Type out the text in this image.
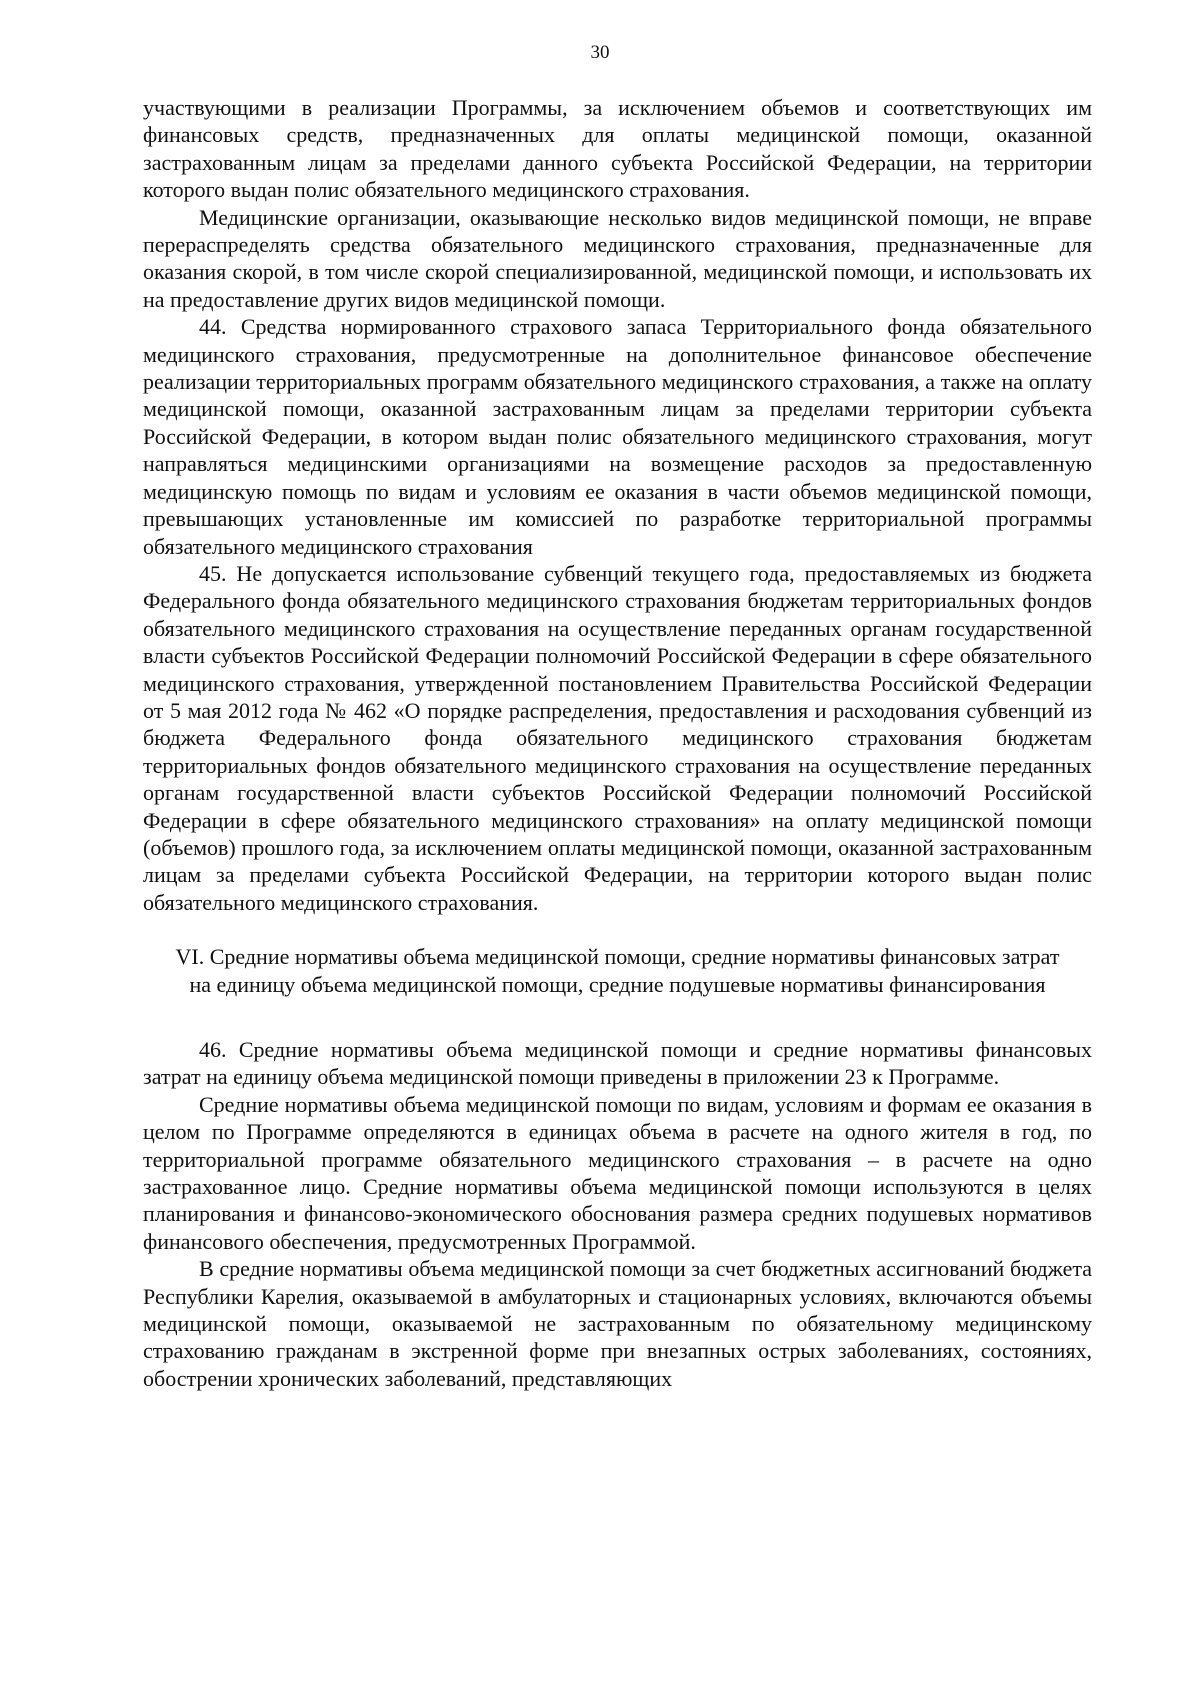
30

участвующими в реализации Программы, за исключением объемов и соответствующих им финансовых средств, предназначенных для оплаты медицинской помощи, оказанной застрахованным лицам за пределами данного субъекта Российской Федерации, на территории которого выдан полис обязательного медицинского страхования.

Медицинские организации, оказывающие несколько видов медицинской помощи, не вправе перераспределять средства обязательного медицинского страхования, предназначенные для оказания скорой, в том числе скорой специализированной, медицинской помощи, и использовать их на предоставление других видов медицинской помощи.

44. Средства нормированного страхового запаса Территориального фонда обязательного медицинского страхования, предусмотренные на дополнительное финансовое обеспечение реализации территориальных программ обязательного медицинского страхования, а также на оплату медицинской помощи, оказанной застрахованным лицам за пределами территории субъекта Российской Федерации, в котором выдан полис обязательного медицинского страхования, могут направляться медицинскими организациями на возмещение расходов за предоставленную медицинскую помощь по видам и условиям ее оказания в части объемов медицинской помощи, превышающих установленные им комиссией по разработке территориальной программы обязательного медицинского страхования

45. Не допускается использование субвенций текущего года, предоставляемых из бюджета Федерального фонда обязательного медицинского страхования бюджетам территориальных фондов обязательного медицинского страхования на осуществление переданных органам государственной власти субъектов Российской Федерации полномочий Российской Федерации в сфере обязательного медицинского страхования, утвержденной постановлением Правительства Российской Федерации от 5 мая 2012 года № 462 «О порядке распределения, предоставления и расходования субвенций из бюджета Федерального фонда обязательного медицинского страхования бюджетам территориальных фондов обязательного медицинского страхования на осуществление переданных органам государственной власти субъектов Российской Федерации полномочий Российской Федерации в сфере обязательного медицинского страхования» на оплату медицинской помощи (объемов) прошлого года, за исключением оплаты медицинской помощи, оказанной застрахованным лицам за пределами субъекта Российской Федерации, на территории которого выдан полис обязательного медицинского страхования.

VI. Средние нормативы объема медицинской помощи, средние нормативы финансовых затрат на единицу объема медицинской помощи, средние подушевые нормативы финансирования

46. Средние нормативы объема медицинской помощи и средние нормативы финансовых затрат на единицу объема медицинской помощи приведены в приложении 23 к Программе.

Средние нормативы объема медицинской помощи по видам, условиям и формам ее оказания в целом по Программе определяются в единицах объема в расчете на одного жителя в год, по территориальной программе обязательного медицинского страхования – в расчете на одно застрахованное лицо. Средние нормативы объема медицинской помощи используются в целях планирования и финансово-экономического обоснования размера средних подушевых нормативов финансового обеспечения, предусмотренных Программой.

В средние нормативы объема медицинской помощи за счет бюджетных ассигнований бюджета Республики Карелия, оказываемой в амбулаторных и стационарных условиях, включаются объемы медицинской помощи, оказываемой не застрахованным по обязательному медицинскому страхованию гражданам в экстренной форме при внезапных острых заболеваниях, состояниях, обострении хронических заболеваний, представляющих
